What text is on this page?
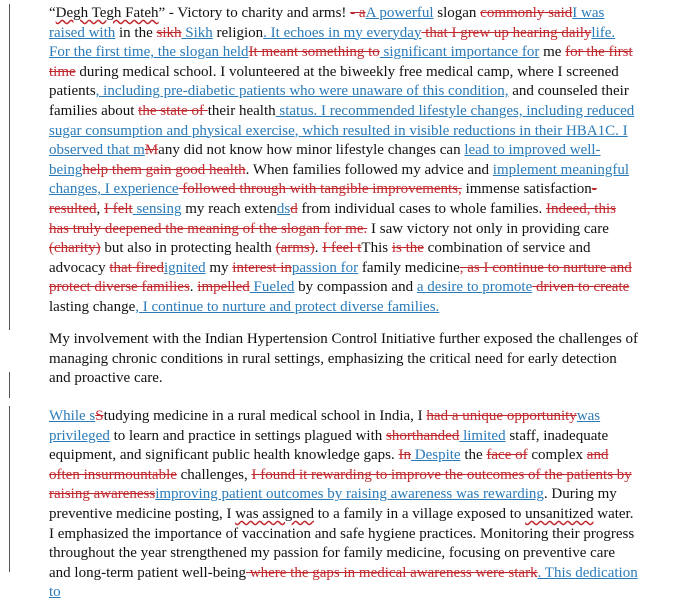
“Degh Tegh Fateh” - Victory to charity and arms! - aA powerful slogan commonly saidI was raised with in the sikh Sikh religion. It echoes in my everyday that I grew up hearing dailylife. For the first time, the slogan heldIt meant something to significant importance for me for the first time during medical school. I volunteered at the biweekly free medical camp, where I screened patients, including pre-diabetic patients who were unaware of this condition, and counseled their families about the state of their health status. I recommended lifestyle changes, including reduced sugar consumption and physical exercise, which resulted in visible reductions in their HBA1C. I observed that mMany did not know how minor lifestyle changes can lead to improved well-beinghelp them gain good health. When families followed my advice and implement meaningful changes, I experience followed through with tangible improvements, immense satisfaction-resulted, I felt sensing my reach extendsd from individual cases to whole families. Indeed, this has truly deepened the meaning of the slogan for me. I saw victory not only in providing care (charity) but also in protecting health (arms). I feel tThis is the combination of service and advocacy that firedignited my interest inpassion for family medicine, as I continue to nurture and protect diverse families. impelled Fueled by compassion and a desire to promote driven to create lasting change, I continue to nurture and protect diverse families.

My involvement with the Indian Hypertension Control Initiative further exposed the challenges of managing chronic conditions in rural settings, emphasizing the critical need for early detection and proactive care.

While sStudying medicine in a rural medical school in India, I had a unique opportunitywas privileged to learn and practice in settings plagued with shorthanded limited staff, inadequate equipment, and significant public health knowledge gaps. In Despite the face of complex and often insurmountable challenges, I found it rewarding to improve the outcomes of the patients by raising awarenessimproving patient outcomes by raising awareness was rewarding. During my preventive medicine posting, I was assigned to a family in a village exposed to unsanitized water. I emphasized the importance of vaccination and safe hygiene practices. Monitoring their progress throughout the year strengthened my passion for family medicine, focusing on preventive care and long-term patient well-being where the gaps in medical awareness were stark. This dedication to
